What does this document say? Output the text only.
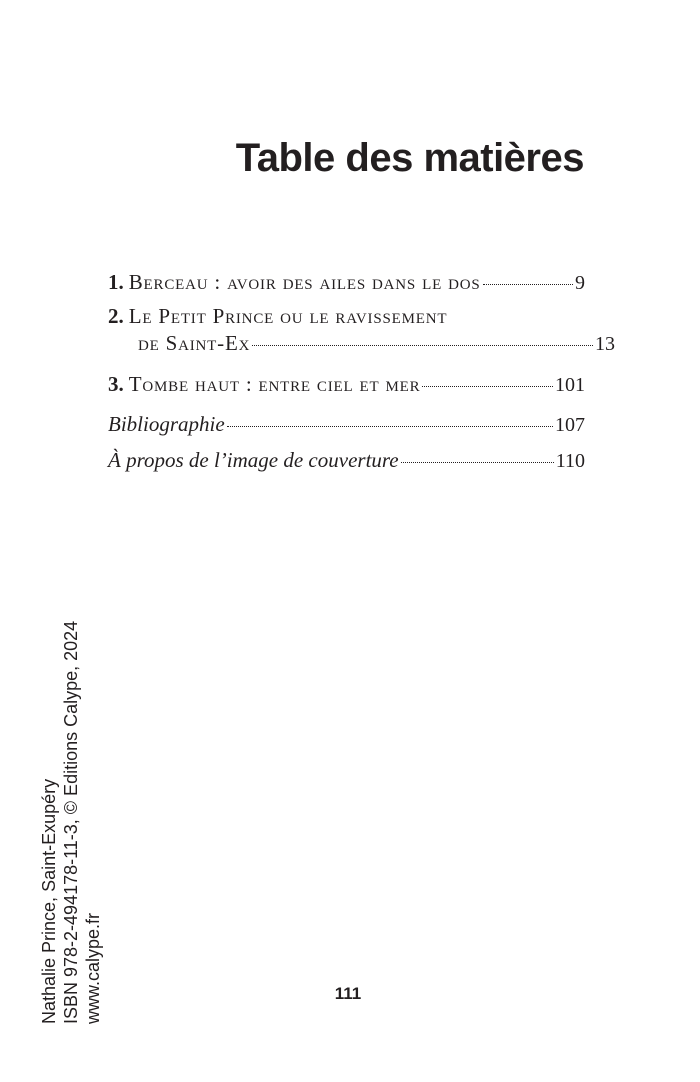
Table des matières
1. Berceau : avoir des ailes dans le dos	9
2. Le Petit Prince ou le ravissement
de Saint-Ex	13
3. Tombe haut : entre ciel et mer	101
Bibliographie	107
À propos de l’image de couverture	110
Nathalie Prince, Saint-Exupéry ISBN 978-2-494178-11-3, © Editions Calype, 2024 www.calype.fr	111
